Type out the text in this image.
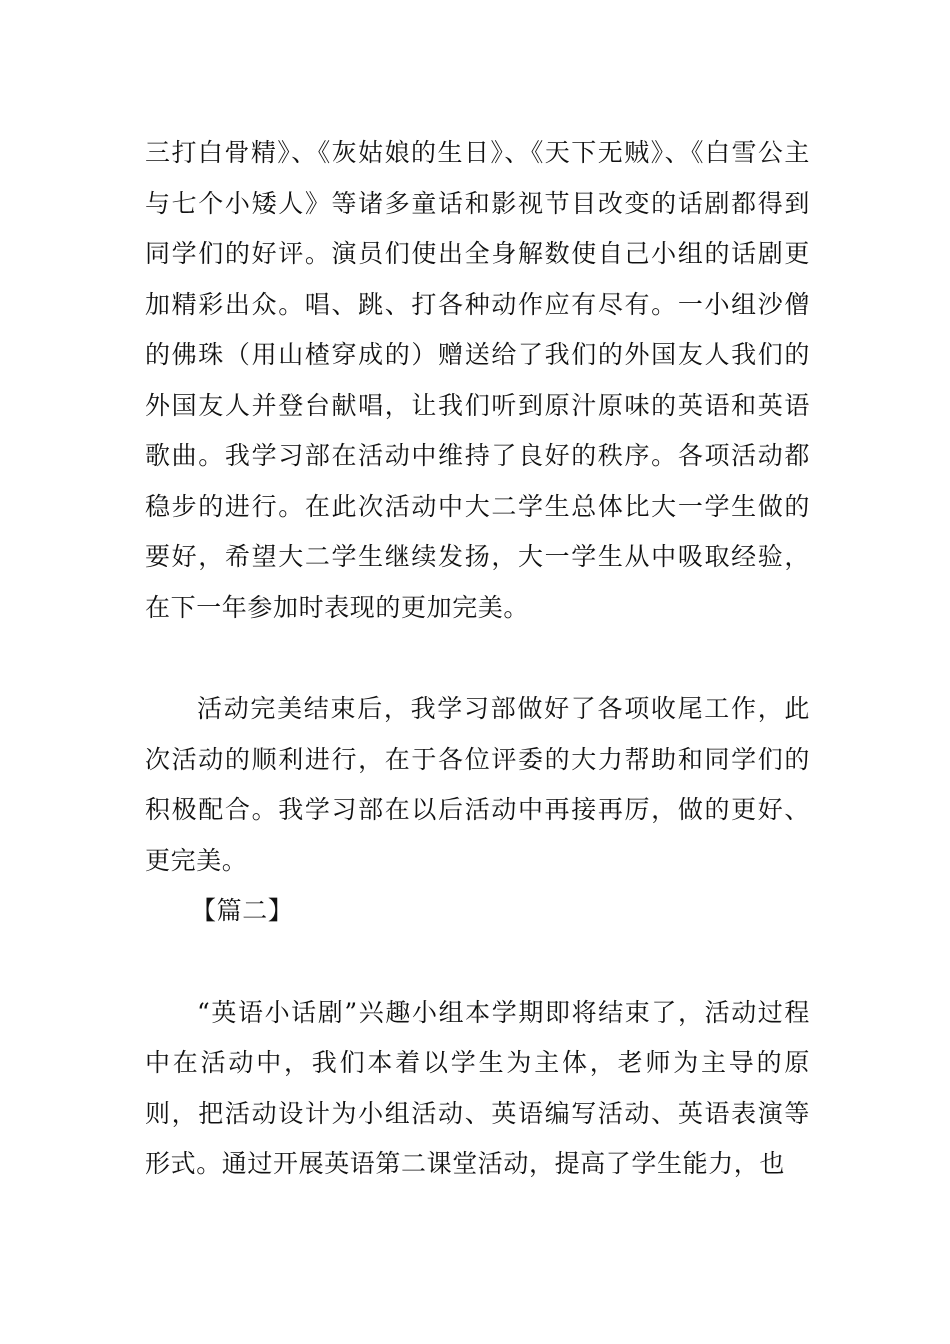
三打白骨精》、《灰姑娘的生日》、《天下无贼》、《白雪公主与七个小矮人》等诸多童话和影视节目改变的话剧都得到同学们的好评。演员们使出全身解数使自己小组的话剧更加精彩出众。唱、跳、打各种动作应有尽有。一小组沙僧的佛珠（用山楂穿成的）赠送给了我们的外国友人我们的外国友人并登台献唱，让我们听到原汁原味的英语和英语歌曲。我学习部在活动中维持了良好的秩序。各项活动都稳步的进行。在此次活动中大二学生总体比大一学生做的要好，希望大二学生继续发扬，大一学生从中吸取经验，在下一年参加时表现的更加完美。

活动完美结束后，我学习部做好了各项收尾工作，此次活动的顺利进行，在于各位评委的大力帮助和同学们的积极配合。我学习部在以后活动中再接再厉，做的更好、更完美。

【篇二】

“英语小话剧”兴趣小组本学期即将结束了，活动过程中在活动中，我们本着以学生为主体，老师为主导的原则，把活动设计为小组活动、英语编写活动、英语表演等形式。通过开展英语第二课堂活动，提高了学生能力，也
